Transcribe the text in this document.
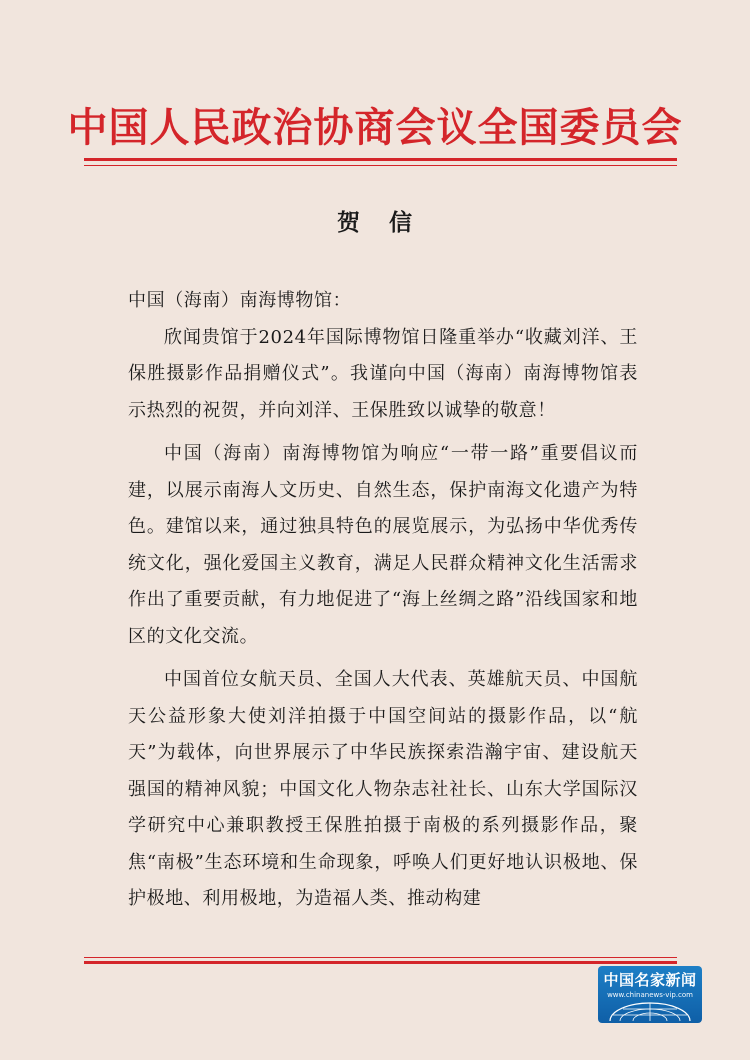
中国人民政治协商会议全国委员会
贺 信

中国（海南）南海博物馆：

欣闻贵馆于2024年国际博物馆日隆重举办“收藏刘洋、王保胜摄影作品捐赠仪式”。我谨向中国（海南）南海博物馆表示热烈的祝贺，并向刘洋、王保胜致以诚挚的敬意！

中国（海南）南海博物馆为响应“一带一路”重要倡议而建，以展示南海人文历史、自然生态，保护南海文化遗产为特色。建馆以来，通过独具特色的展览展示，为弘扬中华优秀传统文化，强化爱国主义教育，满足人民群众精神文化生活需求作出了重要贡献，有力地促进了“海上丝绸之路”沿线国家和地区的文化交流。

中国首位女航天员、全国人大代表、英雄航天员、中国航天公益形象大使刘洋拍摄于中国空间站的摄影作品，以“航天”为载体，向世界展示了中华民族探索浩瀚宇宙、建设航天强国的精神风貌；中国文化人物杂志社社长、山东大学国际汉学研究中心兼职教授王保胜拍摄于南极的系列摄影作品，聚焦“南极”生态环境和生命现象，呼唤人们更好地认识极地、保护极地、利用极地，为造福人类、推动构建

中国名家新闻
www.chinanews-vip.com
